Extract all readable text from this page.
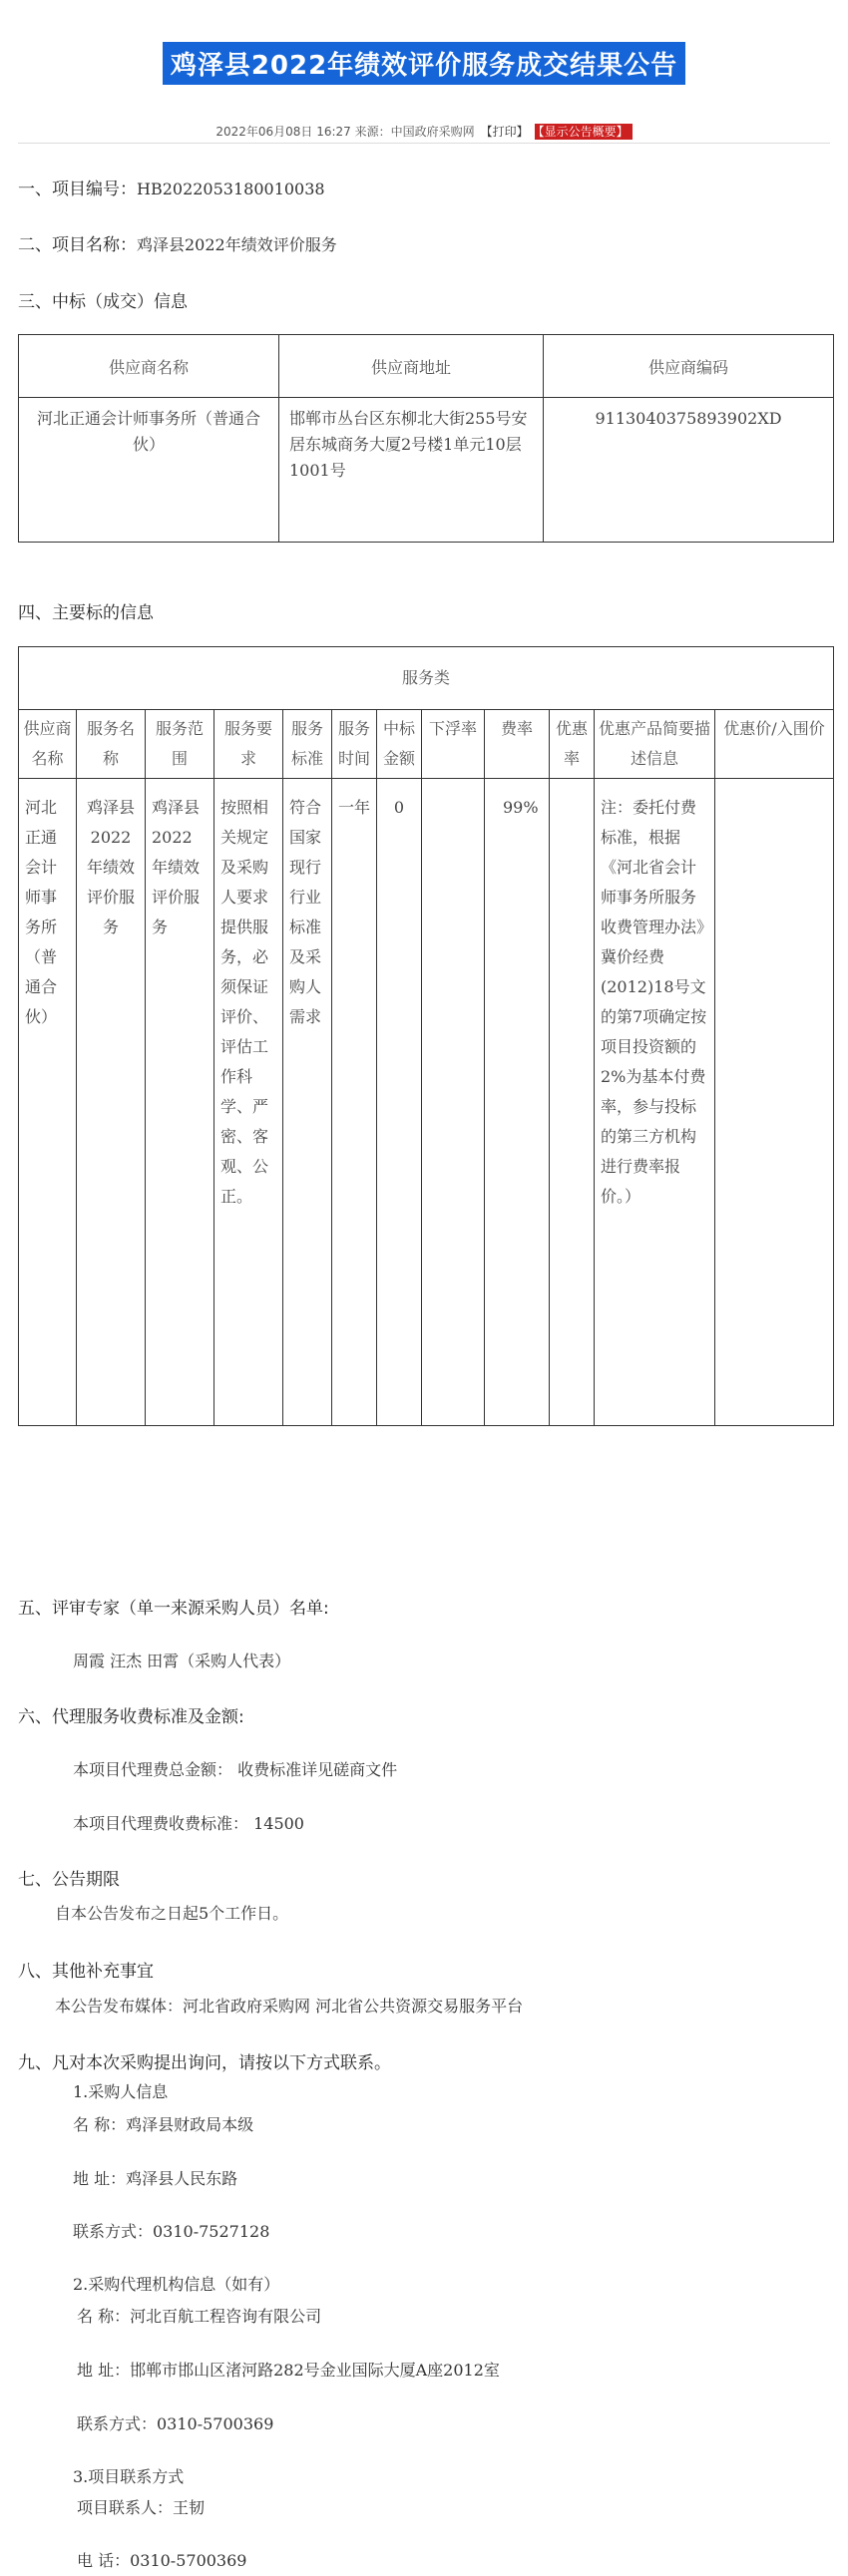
鸡泽县2022年绩效评价服务成交结果公告
2022年06月08日 16:27 来源：中国政府采购网 【打印】 【显示公告概要】
一、项目编号：HB2022053180010038
二、项目名称：鸡泽县2022年绩效评价服务
三、中标（成交）信息
供应商名称	供应商地址	供应商编码
河北正通会计师事务所（普通合伙）	邯郸市丛台区东柳北大街255号安居东城商务大厦2号楼1单元10层1001号	9113040375893902XD
四、主要标的信息
服务类											
供应商名称	服务名称	服务范围	服务要求	服务标准	服务时间	中标金额	下浮率	费率	优惠率	优惠产品简要描述信息	优惠价/入围价
河北正通会计师事务所（普通合伙）	鸡泽县2022年绩效评价服务	鸡泽县2022年绩效评价服务	按照相关规定及采购人要求提供服务，必须保证评价、评估工作科学、严密、客观、公正。	符合国家现行行业标准及采购人需求	一年	0		99%		注：委托付费标准，根据《河北省会计师事务所服务收费管理办法》冀价经费(2012)18号文的第7项确定按项目投资额的2%为基本付费率，参与投标的第三方机构进行费率报价。）	
五、评审专家（单一来源采购人员）名单:
周霞 汪杰 田霄（采购人代表）
六、代理服务收费标准及金额:
本项目代理费总金额： 收费标准详见磋商文件
本项目代理费收费标准： 14500
七、公告期限
自本公告发布之日起5个工作日。
八、其他补充事宜
本公告发布媒体：河北省政府采购网 河北省公共资源交易服务平台
九、凡对本次采购提出询问，请按以下方式联系。
1.采购人信息
名 称：鸡泽县财政局本级
地 址：鸡泽县人民东路
联系方式：0310-7527128
2.采购代理机构信息（如有）
名 称：河北百航工程咨询有限公司
地 址：邯郸市邯山区渚河路282号金业国际大厦A座2012室
联系方式：0310-5700369
3.项目联系方式
项目联系人：王韧
电 话：0310-5700369
